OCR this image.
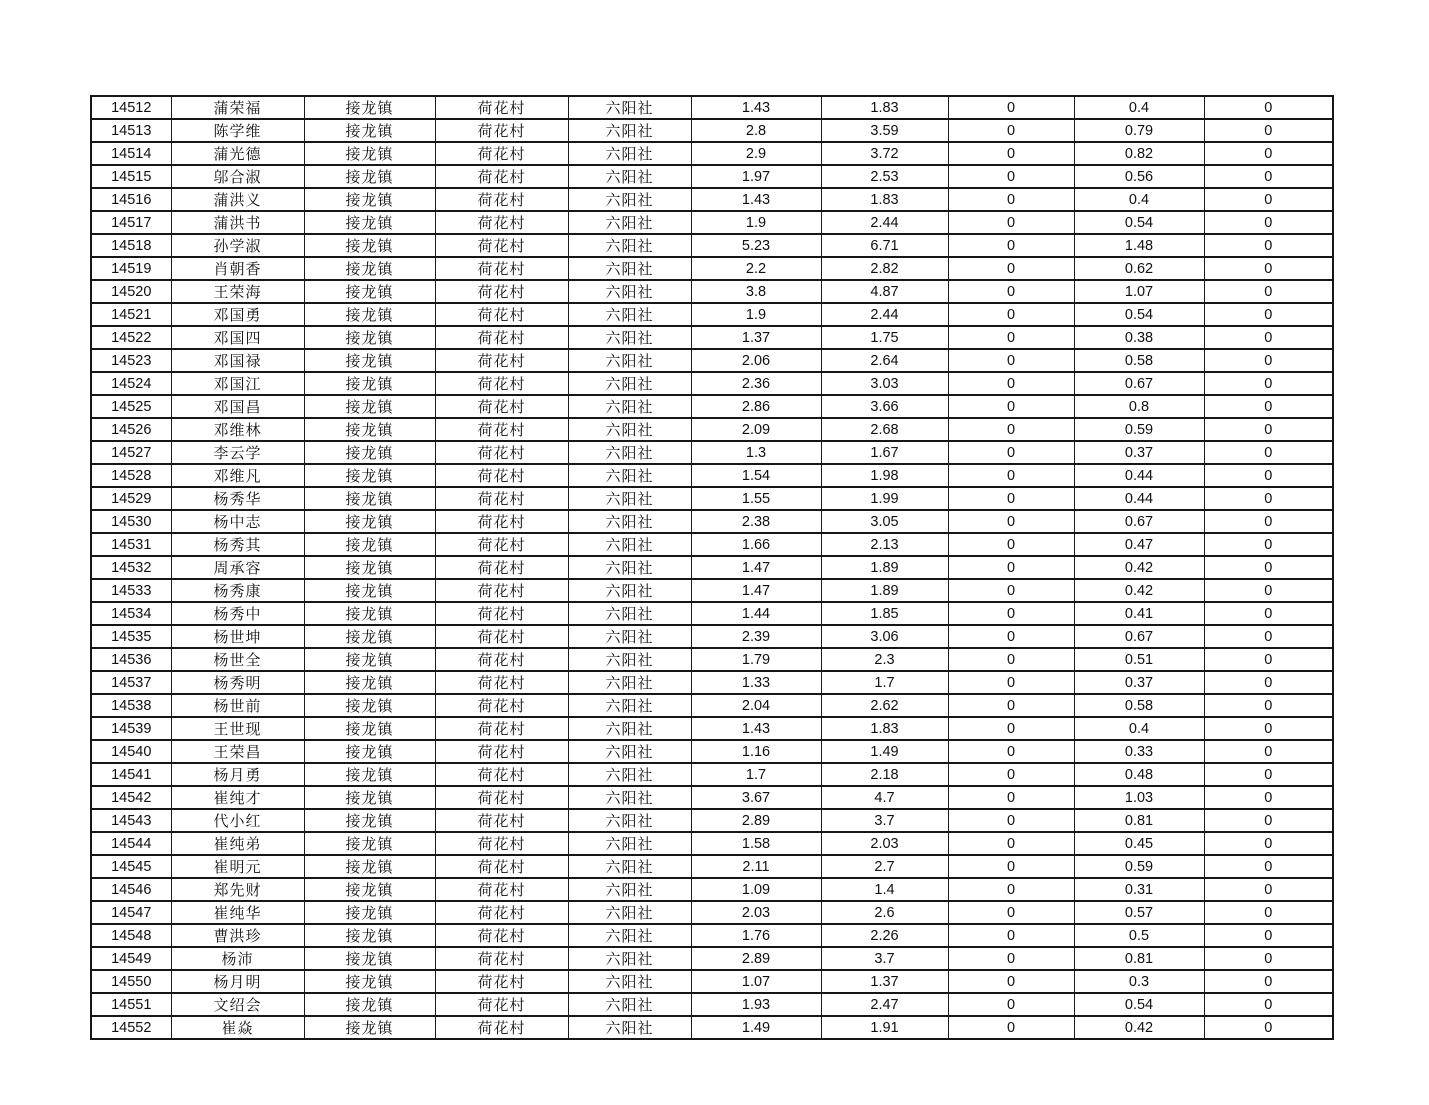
14512	蒲荣福	接龙镇	荷花村	六阳社	1.43	1.83	0	0.4	0
14513	陈学维	接龙镇	荷花村	六阳社	2.8	3.59	0	0.79	0
14514	蒲光德	接龙镇	荷花村	六阳社	2.9	3.72	0	0.82	0
14515	邬合淑	接龙镇	荷花村	六阳社	1.97	2.53	0	0.56	0
14516	蒲洪义	接龙镇	荷花村	六阳社	1.43	1.83	0	0.4	0
14517	蒲洪书	接龙镇	荷花村	六阳社	1.9	2.44	0	0.54	0
14518	孙学淑	接龙镇	荷花村	六阳社	5.23	6.71	0	1.48	0
14519	肖朝香	接龙镇	荷花村	六阳社	2.2	2.82	0	0.62	0
14520	王荣海	接龙镇	荷花村	六阳社	3.8	4.87	0	1.07	0
14521	邓国勇	接龙镇	荷花村	六阳社	1.9	2.44	0	0.54	0
14522	邓国四	接龙镇	荷花村	六阳社	1.37	1.75	0	0.38	0
14523	邓国禄	接龙镇	荷花村	六阳社	2.06	2.64	0	0.58	0
14524	邓国江	接龙镇	荷花村	六阳社	2.36	3.03	0	0.67	0
14525	邓国昌	接龙镇	荷花村	六阳社	2.86	3.66	0	0.8	0
14526	邓维林	接龙镇	荷花村	六阳社	2.09	2.68	0	0.59	0
14527	李云学	接龙镇	荷花村	六阳社	1.3	1.67	0	0.37	0
14528	邓维凡	接龙镇	荷花村	六阳社	1.54	1.98	0	0.44	0
14529	杨秀华	接龙镇	荷花村	六阳社	1.55	1.99	0	0.44	0
14530	杨中志	接龙镇	荷花村	六阳社	2.38	3.05	0	0.67	0
14531	杨秀其	接龙镇	荷花村	六阳社	1.66	2.13	0	0.47	0
14532	周承容	接龙镇	荷花村	六阳社	1.47	1.89	0	0.42	0
14533	杨秀康	接龙镇	荷花村	六阳社	1.47	1.89	0	0.42	0
14534	杨秀中	接龙镇	荷花村	六阳社	1.44	1.85	0	0.41	0
14535	杨世坤	接龙镇	荷花村	六阳社	2.39	3.06	0	0.67	0
14536	杨世全	接龙镇	荷花村	六阳社	1.79	2.3	0	0.51	0
14537	杨秀明	接龙镇	荷花村	六阳社	1.33	1.7	0	0.37	0
14538	杨世前	接龙镇	荷花村	六阳社	2.04	2.62	0	0.58	0
14539	王世现	接龙镇	荷花村	六阳社	1.43	1.83	0	0.4	0
14540	王荣昌	接龙镇	荷花村	六阳社	1.16	1.49	0	0.33	0
14541	杨月勇	接龙镇	荷花村	六阳社	1.7	2.18	0	0.48	0
14542	崔纯才	接龙镇	荷花村	六阳社	3.67	4.7	0	1.03	0
14543	代小红	接龙镇	荷花村	六阳社	2.89	3.7	0	0.81	0
14544	崔纯弟	接龙镇	荷花村	六阳社	1.58	2.03	0	0.45	0
14545	崔明元	接龙镇	荷花村	六阳社	2.11	2.7	0	0.59	0
14546	郑先财	接龙镇	荷花村	六阳社	1.09	1.4	0	0.31	0
14547	崔纯华	接龙镇	荷花村	六阳社	2.03	2.6	0	0.57	0
14548	曹洪珍	接龙镇	荷花村	六阳社	1.76	2.26	0	0.5	0
14549	杨沛	接龙镇	荷花村	六阳社	2.89	3.7	0	0.81	0
14550	杨月明	接龙镇	荷花村	六阳社	1.07	1.37	0	0.3	0
14551	文绍会	接龙镇	荷花村	六阳社	1.93	2.47	0	0.54	0
14552	崔焱	接龙镇	荷花村	六阳社	1.49	1.91	0	0.42	0
